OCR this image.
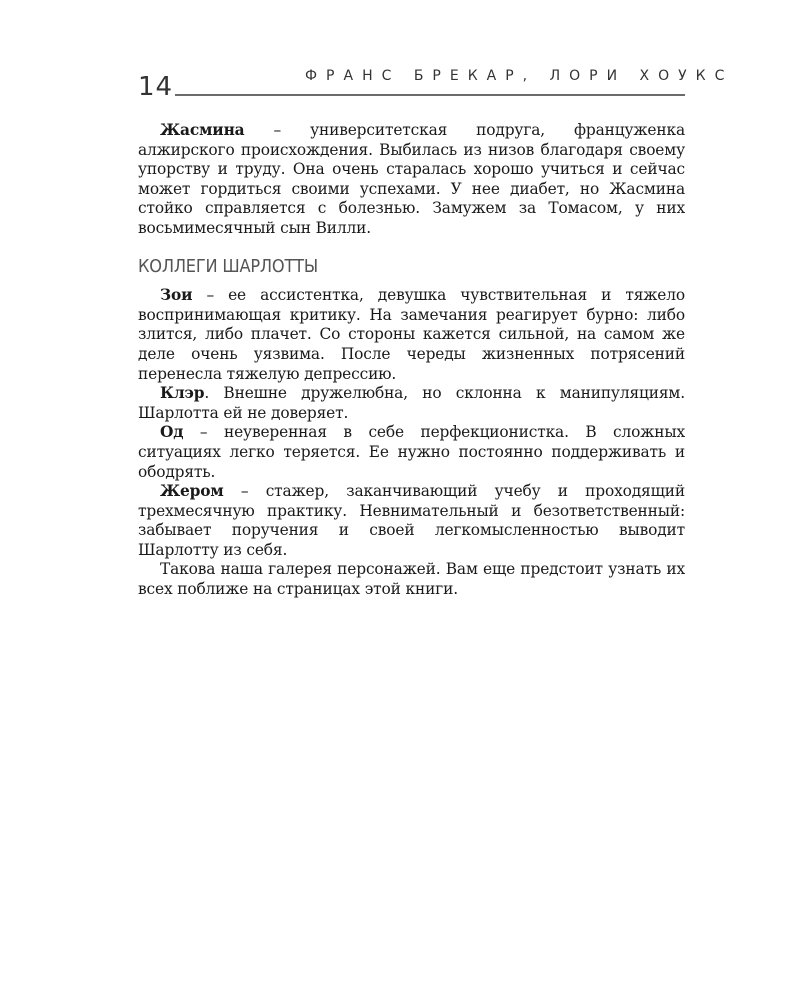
14	ФРАНС БРЕКАР, ЛОРИ ХОУКС

Жасмина – университетская подруга, француженка алжирского происхождения. Выбилась из низов благодаря своему упорству и труду. Она очень старалась хорошо учиться и сейчас может гордиться своими успехами. У нее диабет, но Жасмина стойко справляется с болезнью. Замужем за Томасом, у них восьмимесячный сын Вилли.

КОЛЛЕГИ ШАРЛОТТЫ

Зои – ее ассистентка, девушка чувствительная и тяжело воспринимающая критику. На замечания реагирует бурно: либо злится, либо плачет. Со стороны кажется сильной, на самом же деле очень уязвима. После череды жизненных потрясений перенесла тяжелую депрессию.

Клэр. Внешне дружелюбна, но склонна к манипуляциям. Шарлотта ей не доверяет.

Од – неуверенная в себе перфекционистка. В сложных ситуациях легко теряется. Ее нужно постоянно поддерживать и ободрять.

Жером – стажер, заканчивающий учебу и проходящий трехмесячную практику. Невнимательный и безответственный: забывает поручения и своей легкомысленностью выводит Шарлотту из себя.

Такова наша галерея персонажей. Вам еще предстоит узнать их всех поближе на страницах этой книги.
